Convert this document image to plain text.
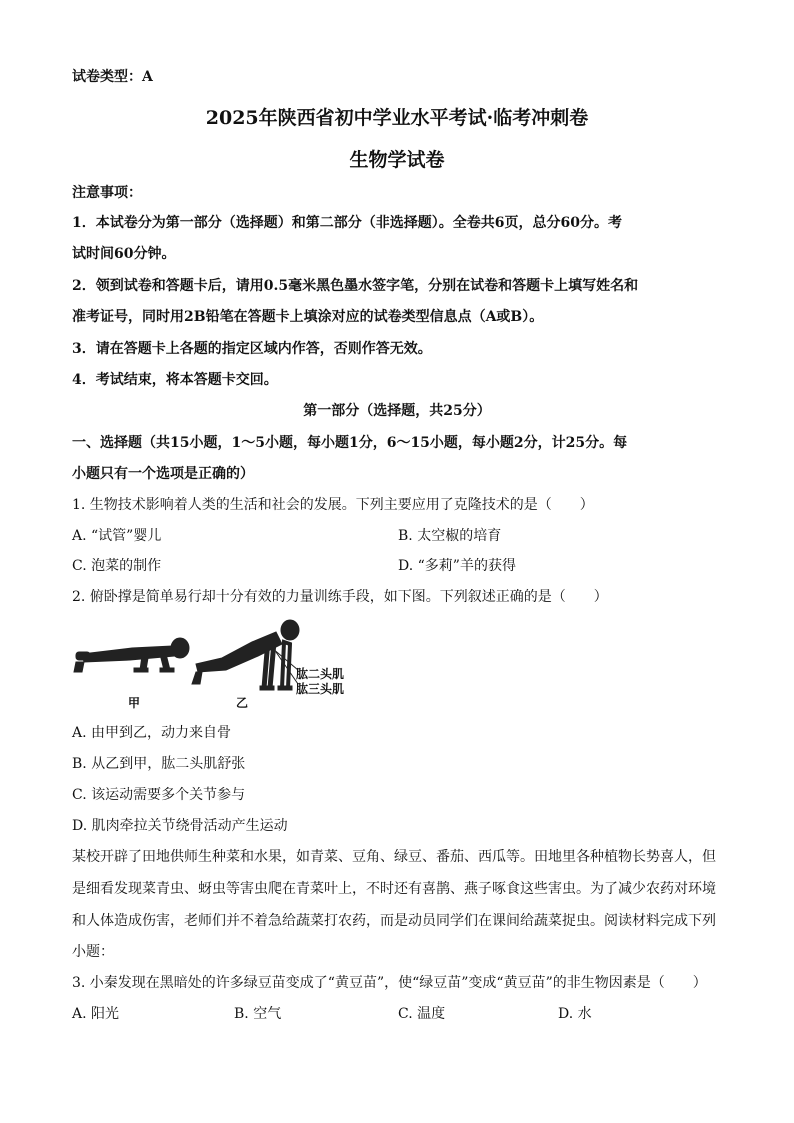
试卷类型：A
2025年陕西省初中学业水平考试·临考冲刺卷
生物学试卷
注意事项：
1．本试卷分为第一部分（选择题）和第二部分（非选择题）。全卷共6页，总分60分。考
试时间60分钟。
2．领到试卷和答题卡后，请用0.5毫米黑色墨水签字笔，分别在试卷和答题卡上填写姓名和
准考证号，同时用2B铅笔在答题卡上填涂对应的试卷类型信息点（A或B）。
3．请在答题卡上各题的指定区域内作答，否则作答无效。
4．考试结束，将本答题卡交回。
第一部分（选择题，共25分）
一、选择题（共15小题，1～5小题，每小题1分，6～15小题，每小题2分，计25分。每
小题只有一个选项是正确的）
1. 生物技术影响着人类的生活和社会的发展。下列主要应用了克隆技术的是（　　）
A. “试管”婴儿	B. 太空椒的培育
C. 泡菜的制作	D. “多莉”羊的获得
2. 俯卧撑是简单易行却十分有效的力量训练手段，如下图。下列叙述正确的是（　　）
甲	乙
肱二头肌
肱三头肌
A. 由甲到乙，动力来自骨
B. 从乙到甲，肱二头肌舒张
C. 该运动需要多个关节参与
D. 肌肉牵拉关节绕骨活动产生运动
某校开辟了田地供师生种菜和水果，如青菜、豆角、绿豆、番茄、西瓜等。田地里各种植物长势喜人，但
是细看发现菜青虫、蚜虫等害虫爬在青菜叶上，不时还有喜鹊、燕子啄食这些害虫。为了减少农药对环境
和人体造成伤害，老师们并不着急给蔬菜打农药，而是动员同学们在课间给蔬菜捉虫。阅读材料完成下列
小题：
3. 小秦发现在黑暗处的许多绿豆苗变成了“黄豆苗”，使“绿豆苗”变成“黄豆苗”的非生物因素是（　　）
A. 阳光	B. 空气	C. 温度	D. 水
